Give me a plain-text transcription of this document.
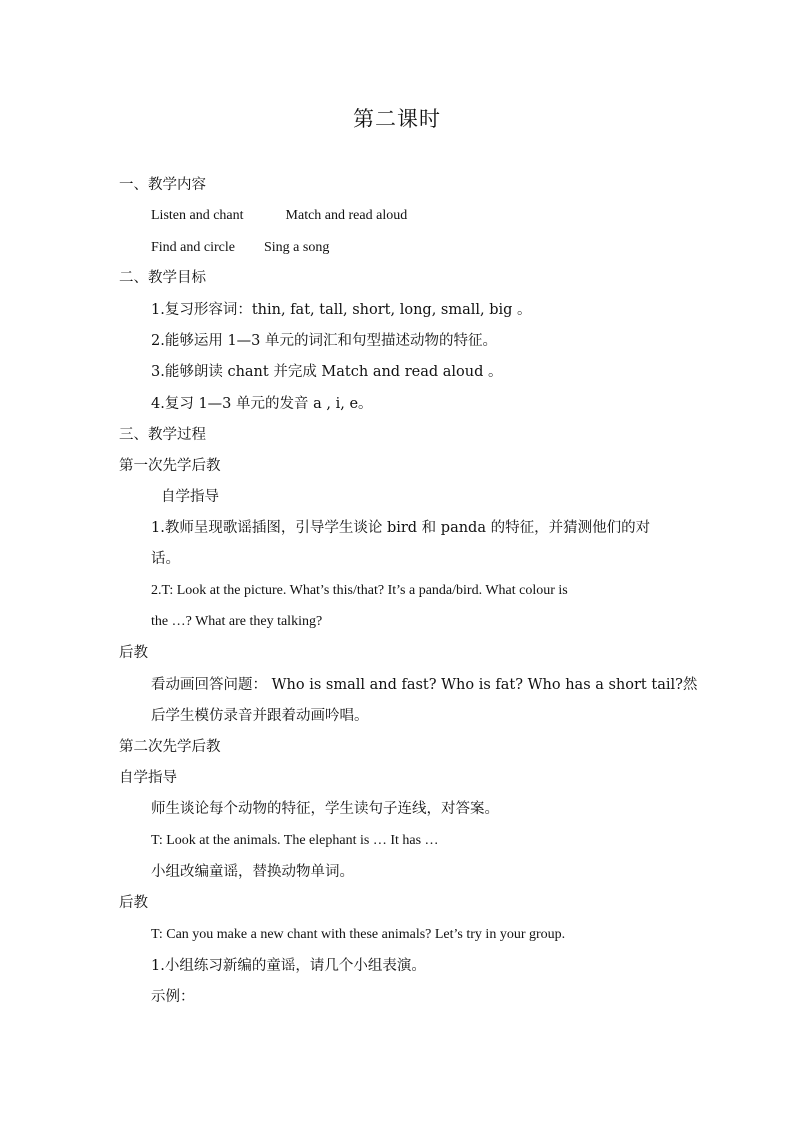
第二课时
一、教学内容
Listen and chant	Match and read aloud
Find and circle Sing a song
二、教学目标
1.复习形容词：thin, fat, tall, short, long, small, big 。
2.能够运用 1—3 单元的词汇和句型描述动物的特征。
3.能够朗读 chant 并完成 Match and read aloud 。
4.复习 1—3 单元的发音 a , i, e。
三、教学过程
第一次先学后教
自学指导
1.教师呈现歌谣插图，引导学生谈论 bird 和 panda 的特征，并猜测他们的对
话。
2.T: Look at the picture. What’s this/that? It’s a panda/bird. What colour is
the …? What are they talking?
后教
看动画回答问题： Who is small and fast? Who is fat? Who has a short tail?然
后学生模仿录音并跟着动画吟唱。
第二次先学后教
自学指导
师生谈论每个动物的特征，学生读句子连线，对答案。
T: Look at the animals. The elephant is … It has …
小组改编童谣，替换动物单词。
后教
T: Can you make a new chant with these animals? Let’s try in your group.
1.小组练习新编的童谣，请几个小组表演。
示例：
